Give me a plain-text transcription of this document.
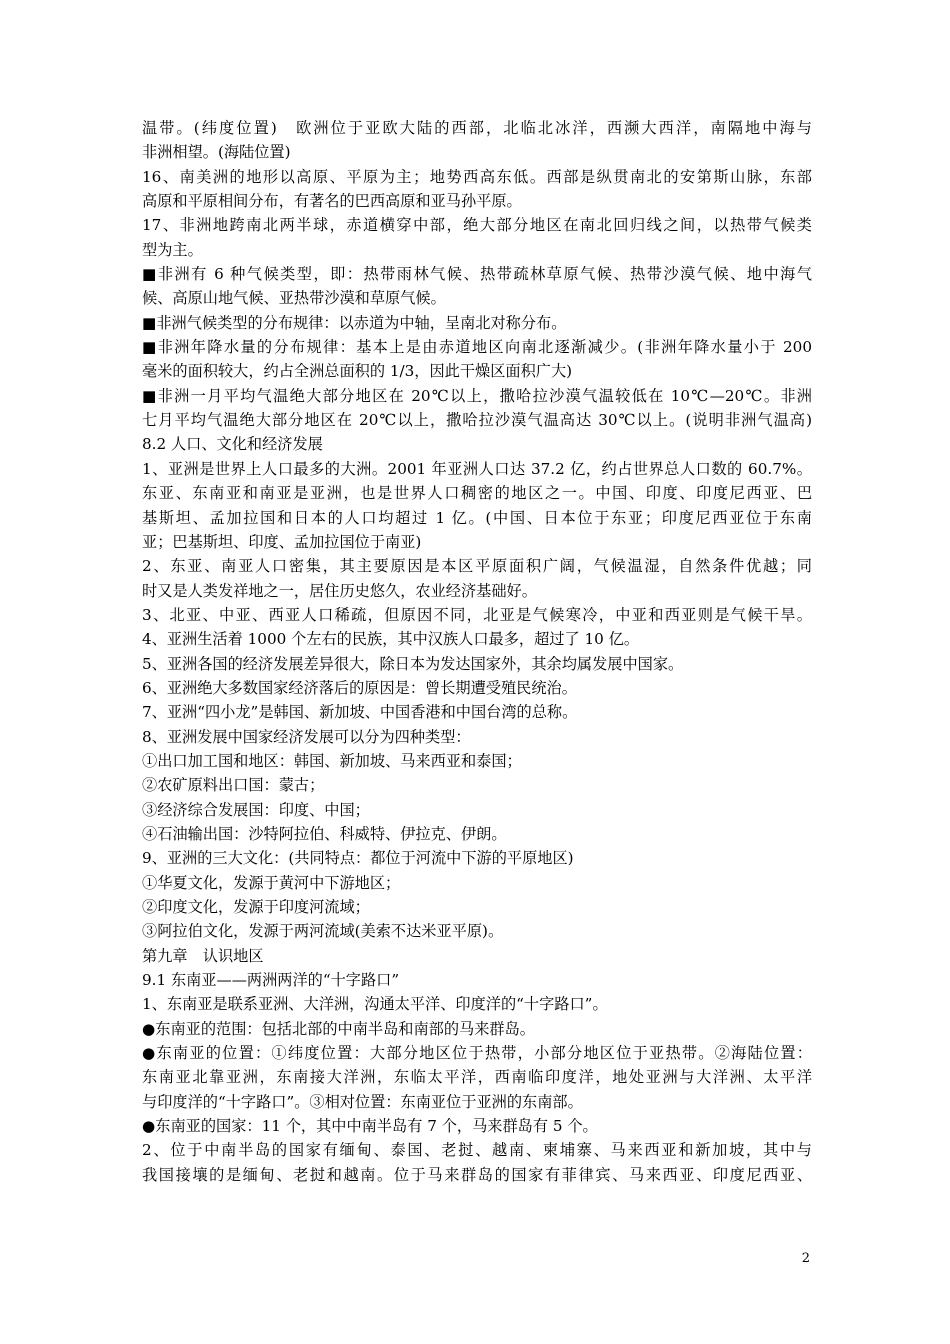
温带。(纬度位置)　欧洲位于亚欧大陆的西部，北临北冰洋，西濒大西洋，南隔地中海与
非洲相望。(海陆位置)
16、南美洲的地形以高原、平原为主；地势西高东低。西部是纵贯南北的安第斯山脉，东部
高原和平原相间分布，有著名的巴西高原和亚马孙平原。
17、非洲地跨南北两半球，赤道横穿中部，绝大部分地区在南北回归线之间，以热带气候类
型为主。
■非洲有 6 种气候类型，即：热带雨林气候、热带疏林草原气候、热带沙漠气候、地中海气
候、高原山地气候、亚热带沙漠和草原气候。
■非洲气候类型的分布规律：以赤道为中轴，呈南北对称分布。
■非洲年降水量的分布规律：基本上是由赤道地区向南北逐渐减少。(非洲年降水量小于 200
毫米的面积较大，约占全洲总面积的 1/3，因此干燥区面积广大)
■非洲一月平均气温绝大部分地区在 20℃以上，撒哈拉沙漠气温较低在 10℃—20℃。非洲
七月平均气温绝大部分地区在 20℃以上，撒哈拉沙漠气温高达 30℃以上。(说明非洲气温高)
8.2 人口、文化和经济发展
1、亚洲是世界上人口最多的大洲。2001 年亚洲人口达 37.2 亿，约占世界总人口数的 60.7%。
东亚、东南亚和南亚是亚洲，也是世界人口稠密的地区之一。中国、印度、印度尼西亚、巴
基斯坦、孟加拉国和日本的人口均超过 1 亿。(中国、日本位于东亚；印度尼西亚位于东南
亚；巴基斯坦、印度、孟加拉国位于南亚)
2、东亚、南亚人口密集，其主要原因是本区平原面积广阔，气候温湿，自然条件优越；同
时又是人类发祥地之一，居住历史悠久，农业经济基础好。
3、北亚、中亚、西亚人口稀疏，但原因不同，北亚是气候寒冷，中亚和西亚则是气候干旱。
4、亚洲生活着 1000 个左右的民族，其中汉族人口最多，超过了 10 亿。
5、亚洲各国的经济发展差异很大，除日本为发达国家外，其余均属发展中国家。
6、亚洲绝大多数国家经济落后的原因是：曾长期遭受殖民统治。
7、亚洲“四小龙”是韩国、新加坡、中国香港和中国台湾的总称。
8、亚洲发展中国家经济发展可以分为四种类型：
①出口加工国和地区：韩国、新加坡、马来西亚和泰国；
②农矿原料出口国：蒙古；
③经济综合发展国：印度、中国；
④石油输出国：沙特阿拉伯、科威特、伊拉克、伊朗。
9、亚洲的三大文化：(共同特点：都位于河流中下游的平原地区)
①华夏文化，发源于黄河中下游地区；
②印度文化，发源于印度河流域；
③阿拉伯文化，发源于两河流域(美索不达米亚平原)。
第九章　认识地区
9.1 东南亚——两洲两洋的“十字路口”
1、东南亚是联系亚洲、大洋洲，沟通太平洋、印度洋的“十字路口”。
●东南亚的范围：包括北部的中南半岛和南部的马来群岛。
●东南亚的位置：①纬度位置：大部分地区位于热带，小部分地区位于亚热带。②海陆位置：
东南亚北靠亚洲，东南接大洋洲，东临太平洋，西南临印度洋，地处亚洲与大洋洲、太平洋
与印度洋的“十字路口”。③相对位置：东南亚位于亚洲的东南部。
●东南亚的国家：11 个，其中中南半岛有 7 个，马来群岛有 5 个。
2、位于中南半岛的国家有缅甸、泰国、老挝、越南、柬埔寨、马来西亚和新加坡，其中与
我国接壤的是缅甸、老挝和越南。位于马来群岛的国家有菲律宾、马来西亚、印度尼西亚、
2
